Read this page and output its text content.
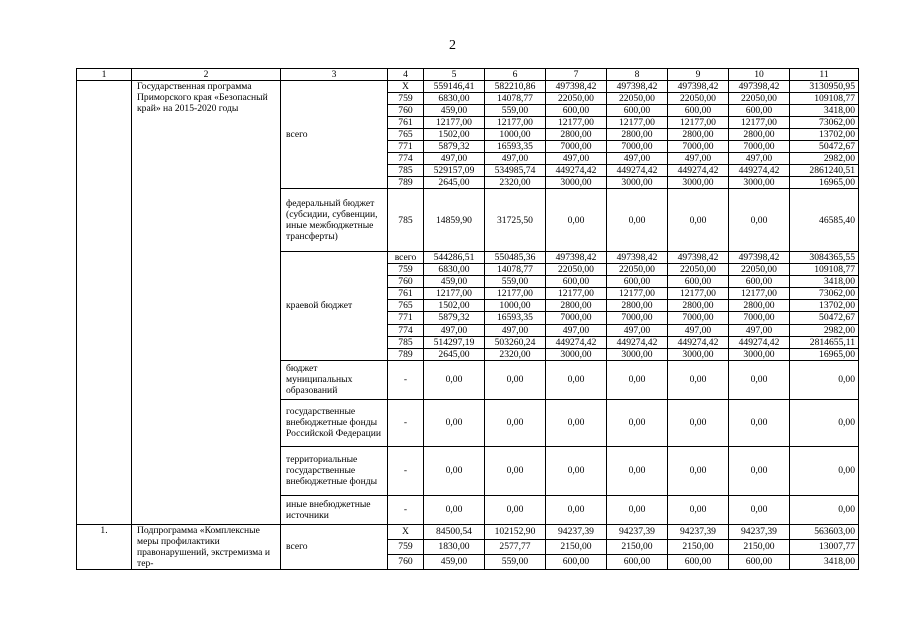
2
1	2	3	4	5	6	7	8	9	10	11
	Государственная программа Приморского края «Безопасный край» на 2015-2020 годы	всего	X	559146,41	582210,86	497398,42	497398,42	497398,42	497398,42	3130950,95
			759	6830,00	14078,77	22050,00	22050,00	22050,00	22050,00	109108,77
			760	459,00	559,00	600,00	600,00	600,00	600,00	3418,00
			761	12177,00	12177,00	12177,00	12177,00	12177,00	12177,00	73062,00
			765	1502,00	1000,00	2800,00	2800,00	2800,00	2800,00	13702,00
			771	5879,32	16593,35	7000,00	7000,00	7000,00	7000,00	50472,67
			774	497,00	497,00	497,00	497,00	497,00	497,00	2982,00
			785	529157,09	534985,74	449274,42	449274,42	449274,42	449274,42	2861240,51
			789	2645,00	2320,00	3000,00	3000,00	3000,00	3000,00	16965,00
		федеральный бюджет (субсидии, субвенции, иные межбюджетные трансферты)	785	14859,90	31725,50	0,00	0,00	0,00	0,00	46585,40
		краевой бюджет	всего	544286,51	550485,36	497398,42	497398,42	497398,42	497398,42	3084365,55
			759	6830,00	14078,77	22050,00	22050,00	22050,00	22050,00	109108,77
			760	459,00	559,00	600,00	600,00	600,00	600,00	3418,00
			761	12177,00	12177,00	12177,00	12177,00	12177,00	12177,00	73062,00
			765	1502,00	1000,00	2800,00	2800,00	2800,00	2800,00	13702,00
			771	5879,32	16593,35	7000,00	7000,00	7000,00	7000,00	50472,67
			774	497,00	497,00	497,00	497,00	497,00	497,00	2982,00
			785	514297,19	503260,24	449274,42	449274,42	449274,42	449274,42	2814655,11
			789	2645,00	2320,00	3000,00	3000,00	3000,00	3000,00	16965,00
		бюджет муниципальных образований	-	0,00	0,00	0,00	0,00	0,00	0,00	0,00
		государственные внебюджетные фонды Российской Федерации	-	0,00	0,00	0,00	0,00	0,00	0,00	0,00
		территориальные государственные внебюджетные фонды	-	0,00	0,00	0,00	0,00	0,00	0,00	0,00
		иные внебюджетные источники	-	0,00	0,00	0,00	0,00	0,00	0,00	0,00
1.	Подпрограмма «Комплексные меры профилактики правонарушений, экстремизма и тер-	всего	X	84500,54	102152,90	94237,39	94237,39	94237,39	94237,39	563603,00
			759	1830,00	2577,77	2150,00	2150,00	2150,00	2150,00	13007,77
			760	459,00	559,00	600,00	600,00	600,00	600,00	3418,00
